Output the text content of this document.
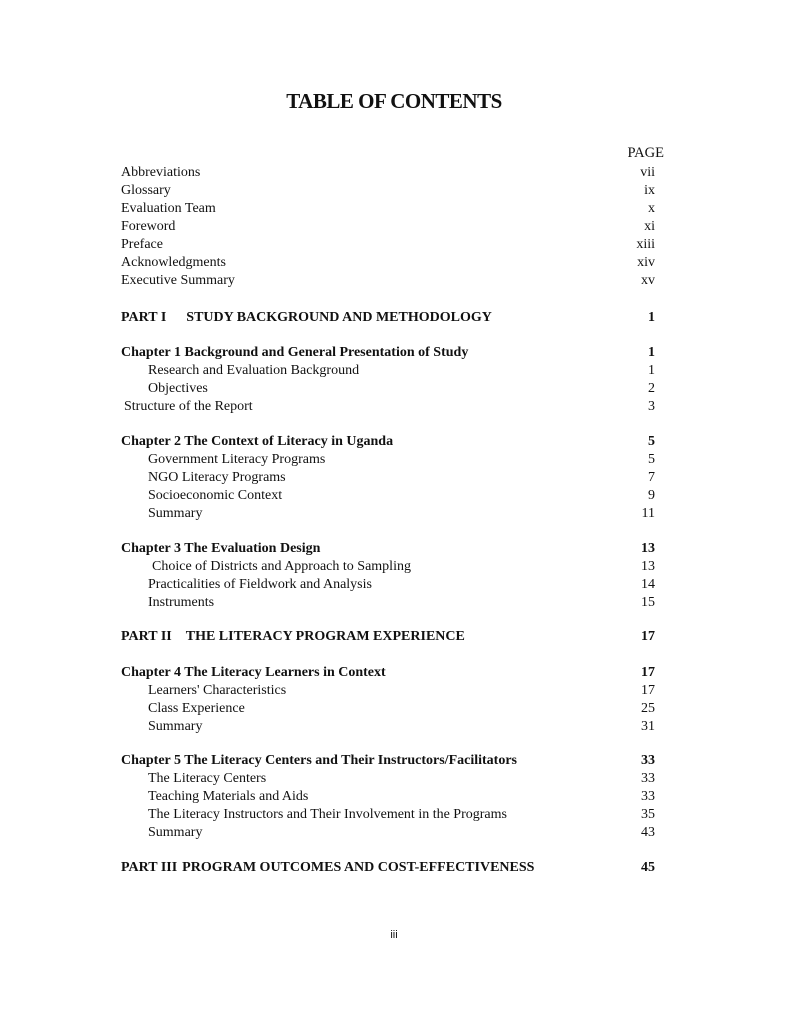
TABLE OF CONTENTS
PAGE
Abbreviations	vii
Glossary	ix
Evaluation Team	x
Foreword	xi
Preface	xiii
Acknowledgments	xiv
Executive Summary	xv
PART I STUDY BACKGROUND AND METHODOLOGY	1
Chapter 1 Background and General Presentation of Study	1
Research and Evaluation Background	1
Objectives	2
Structure of the Report	3
Chapter 2 The Context of Literacy in Uganda	5
Government Literacy Programs	5
NGO Literacy Programs	7
Socioeconomic Context	9
Summary	11
Chapter 3 The Evaluation Design	13
Choice of Districts and Approach to Sampling	13
Practicalities of Fieldwork and Analysis	14
Instruments	15
PART II THE LITERACY PROGRAM EXPERIENCE	17
Chapter 4 The Literacy Learners in Context	17
Learners' Characteristics	17
Class Experience	25
Summary	31
Chapter 5 The Literacy Centers and Their Instructors/Facilitators	33
The Literacy Centers	33
Teaching Materials and Aids	33
The Literacy Instructors and Their Involvement in the Programs	35
Summary	43
PART III PROGRAM OUTCOMES AND COST-EFFECTIVENESS	45
iii
